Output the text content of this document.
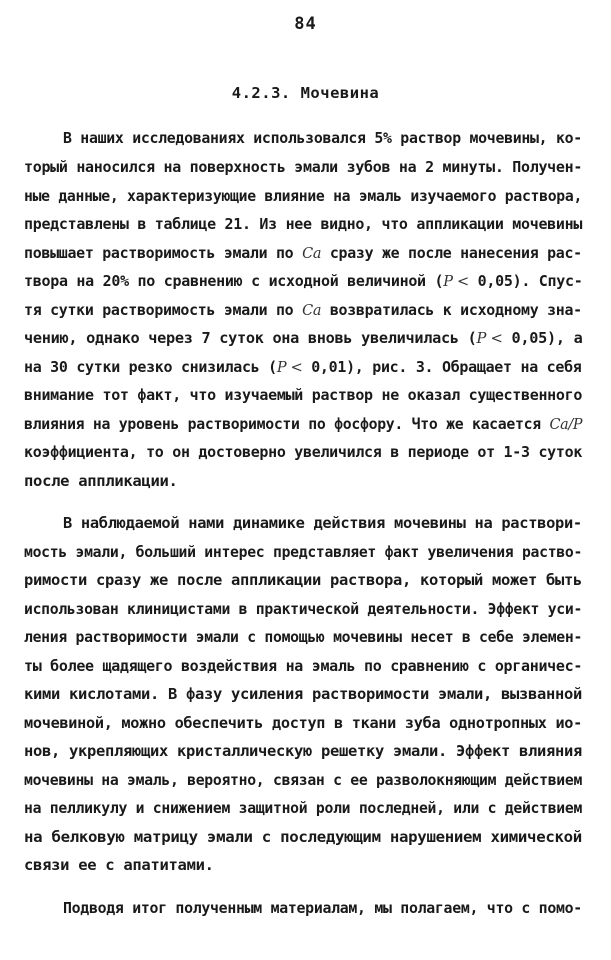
84
4.2.3. Мочевина
В наших исследованиях использовался 5% раствор мочевины, ко-
торый наносился на поверхность эмали зубов на 2 минуты. Получен-
ные данные, характеризующие влияние на эмаль изучаемого раствора,
представлены в таблице 21. Из нее видно, что аппликации мочевины
повышает растворимость эмали по Ca сразу же после нанесения рас-
твора на 20% по сравнению с исходной величиной (P < 0,05). Спус-
тя сутки растворимость эмали по Ca возвратилась к исходному зна-
чению, однако через 7 суток она вновь увеличилась (P < 0,05), а
на 30 сутки резко снизилась (P < 0,01), рис. 3. Обращает на себя
внимание тот факт, что изучаемый раствор не оказал существенного
влияния на уровень растворимости по фосфору. Что же касается Ca/P
коэффициента, то он достоверно увеличился в периоде от 1-3 суток
после аппликации.
В наблюдаемой нами динамике действия мочевины на раствори-
мость эмали, больший интерес представляет факт увеличения раство-
римости сразу же после аппликации раствора, который может быть
использован клиницистами в практической деятельности. Эффект уси-
ления растворимости эмали с помощью мочевины несет в себе элемен-
ты более щадящего воздействия на эмаль по сравнению с органичес-
кими кислотами. В фазу усиления растворимости эмали, вызванной
мочевиной, можно обеспечить доступ в ткани зуба однотропных ио-
нов, укрепляющих кристаллическую решетку эмали. Эффект влияния
мочевины на эмаль, вероятно, связан с ее разволокняющим действием
на пелликулу и снижением защитной роли последней, или с действием
на белковую матрицу эмали с последующим нарушением химической
связи ее с апатитами.
Подводя итог полученным материалам, мы полагаем, что с помо-
